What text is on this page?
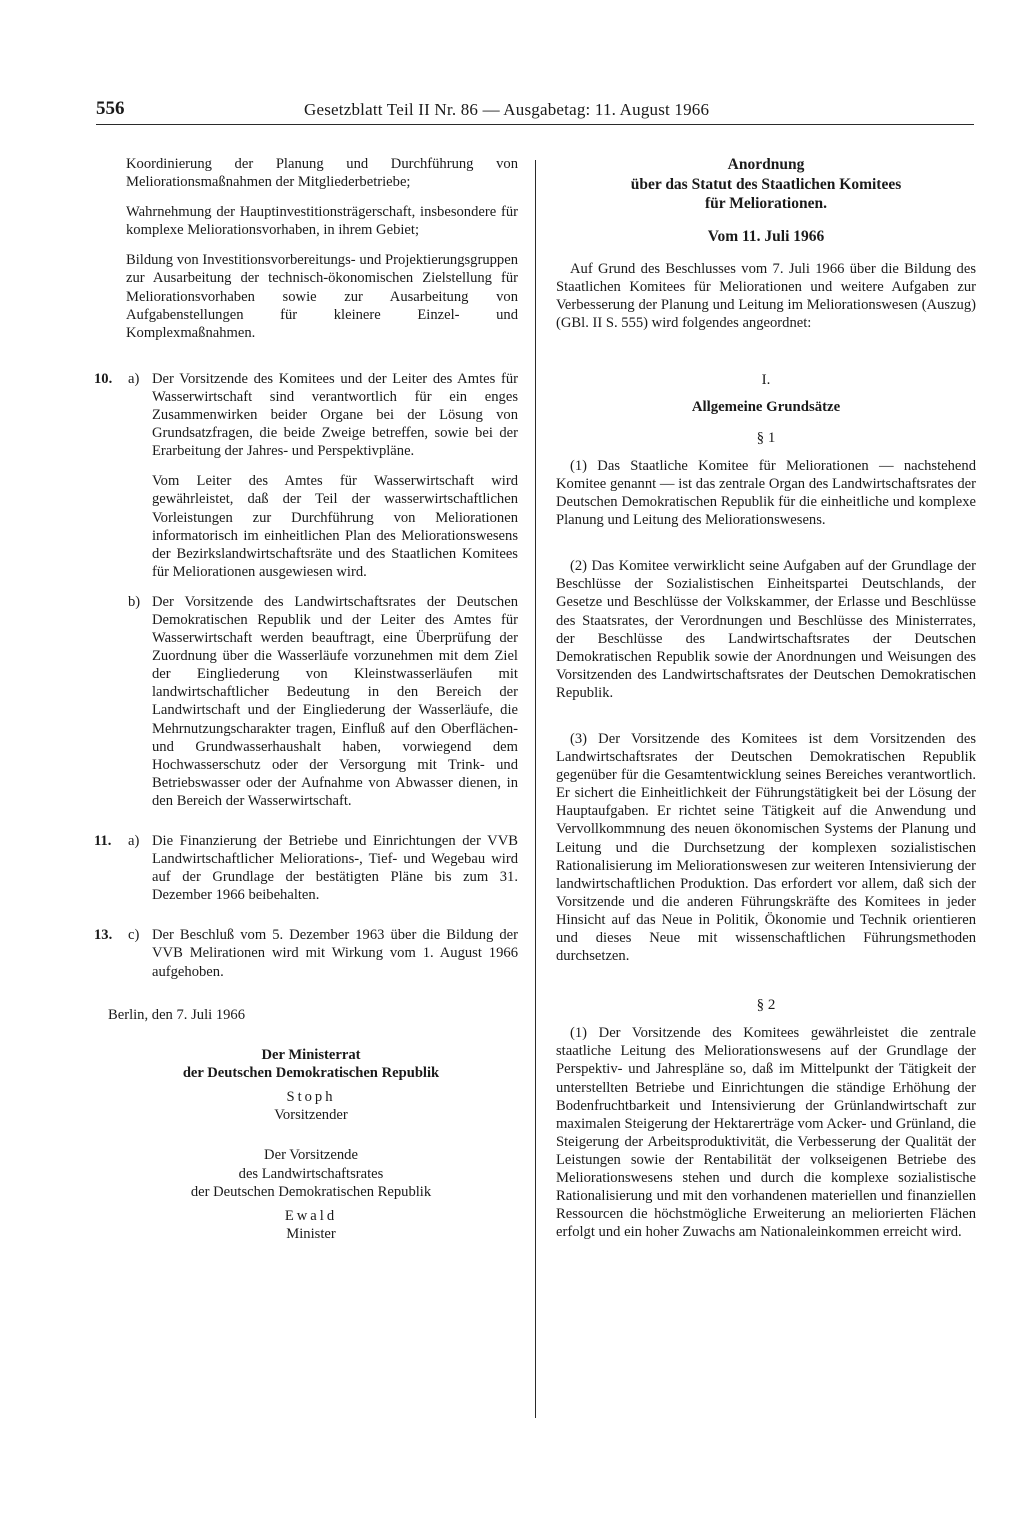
556	Gesetzblatt Teil II Nr. 86 — Ausgabetag: 11. August 1966

Koordinierung der Planung und Durchführung von Meliorationsmaßnahmen der Mitgliederbetriebe;

Wahrnehmung der Hauptinvestitionsträgerschaft, insbesondere für komplexe Meliorationsvorhaben, in ihrem Gebiet;

Bildung von Investitionsvorbereitungs- und Projektierungsgruppen zur Ausarbeitung der technisch-ökonomischen Zielstellung für Meliorationsvorhaben sowie zur Ausarbeitung von Aufgabenstellungen für kleinere Einzel- und Komplexmaßnahmen.

10. a) Der Vorsitzende des Komitees und der Leiter des Amtes für Wasserwirtschaft sind verantwortlich für ein enges Zusammenwirken beider Organe bei der Lösung von Grundsatzfragen, die beide Zweige betreffen, sowie bei der Erarbeitung der Jahres- und Perspektivpläne.

Vom Leiter des Amtes für Wasserwirtschaft wird gewährleistet, daß der Teil der wasserwirtschaftlichen Vorleistungen zur Durchführung von Meliorationen informatorisch im einheitlichen Plan des Meliorationswesens der Bezirkslandwirtschaftsräte und des Staatlichen Komitees für Meliorationen ausgewiesen wird.

b) Der Vorsitzende des Landwirtschaftsrates der Deutschen Demokratischen Republik und der Leiter des Amtes für Wasserwirtschaft werden beauftragt, eine Überprüfung der Zuordnung über die Wasserläufe vorzunehmen mit dem Ziel der Eingliederung von Kleinstwasserläufen mit landwirtschaftlicher Bedeutung in den Bereich der Landwirtschaft und der Eingliederung der Wasserläufe, die Mehrnutzungscharakter tragen, Einfluß auf den Oberflächen- und Grundwasserhaushalt haben, vorwiegend dem Hochwasserschutz oder der Versorgung mit Trink- und Betriebswasser oder der Aufnahme von Abwasser dienen, in den Bereich der Wasserwirtschaft.

11. a) Die Finanzierung der Betriebe und Einrichtungen der VVB Landwirtschaftlicher Meliorations-, Tief- und Wegebau wird auf der Grundlage der bestätigten Pläne bis zum 31. Dezember 1966 beibehalten.

13. c) Der Beschluß vom 5. Dezember 1963 über die Bildung der VVB Melirationen wird mit Wirkung vom 1. August 1966 aufgehoben.

Berlin, den 7. Juli 1966

Der Ministerrat
der Deutschen Demokratischen Republik
Stoph
Vorsitzender
Der Vorsitzende
des Landwirtschaftsrates
der Deutschen Demokratischen Republik
Ewald
Minister
Anordnung
über das Statut des Staatlichen Komitees
für Meliorationen.
Vom 11. Juli 1966

Auf Grund des Beschlusses vom 7. Juli 1966 über die Bildung des Staatlichen Komitees für Meliorationen und weitere Aufgaben zur Verbesserung der Planung und Leitung im Meliorationswesen (Auszug) (GBl. II S. 555) wird folgendes angeordnet:

I.
Allgemeine Grundsätze
§ 1

(1) Das Staatliche Komitee für Meliorationen — nachstehend Komitee genannt — ist das zentrale Organ des Landwirtschaftsrates der Deutschen Demokratischen Republik für die einheitliche und komplexe Planung und Leitung des Meliorationswesens.

(2) Das Komitee verwirklicht seine Aufgaben auf der Grundlage der Beschlüsse der Sozialistischen Einheitspartei Deutschlands, der Gesetze und Beschlüsse der Volkskammer, der Erlasse und Beschlüsse des Staatsrates, der Verordnungen und Beschlüsse des Ministerrates, der Beschlüsse des Landwirtschaftsrates der Deutschen Demokratischen Republik sowie der Anordnungen und Weisungen des Vorsitzenden des Landwirtschaftsrates der Deutschen Demokratischen Republik.

(3) Der Vorsitzende des Komitees ist dem Vorsitzenden des Landwirtschaftsrates der Deutschen Demokratischen Republik gegenüber für die Gesamtentwicklung seines Bereiches verantwortlich. Er sichert die Einheitlichkeit der Führungstätigkeit bei der Lösung der Hauptaufgaben. Er richtet seine Tätigkeit auf die Anwendung und Vervollkommnung des neuen ökonomischen Systems der Planung und Leitung und die Durchsetzung der komplexen sozialistischen Rationalisierung im Meliorationswesen zur weiteren Intensivierung der landwirtschaftlichen Produktion. Das erfordert vor allem, daß sich der Vorsitzende und die anderen Führungskräfte des Komitees in jeder Hinsicht auf das Neue in Politik, Ökonomie und Technik orientieren und dieses Neue mit wissenschaftlichen Führungsmethoden durchsetzen.

§ 2

(1) Der Vorsitzende des Komitees gewährleistet die zentrale staatliche Leitung des Meliorationswesens auf der Grundlage der Perspektiv- und Jahrespläne so, daß im Mittelpunkt der Tätigkeit der unterstellten Betriebe und Einrichtungen die ständige Erhöhung der Bodenfruchtbarkeit und Intensivierung der Grünlandwirtschaft zur maximalen Steigerung der Hektarerträge vom Acker- und Grünland, die Steigerung der Arbeitsproduktivität, die Verbesserung der Qualität der Leistungen sowie der Rentabilität der volkseigenen Betriebe des Meliorationswesens stehen und durch die komplexe sozialistische Rationalisierung und mit den vorhandenen materiellen und finanziellen Ressourcen die höchstmögliche Erweiterung an meliorierten Flächen erfolgt und ein hoher Zuwachs am Nationaleinkommen erreicht wird.
